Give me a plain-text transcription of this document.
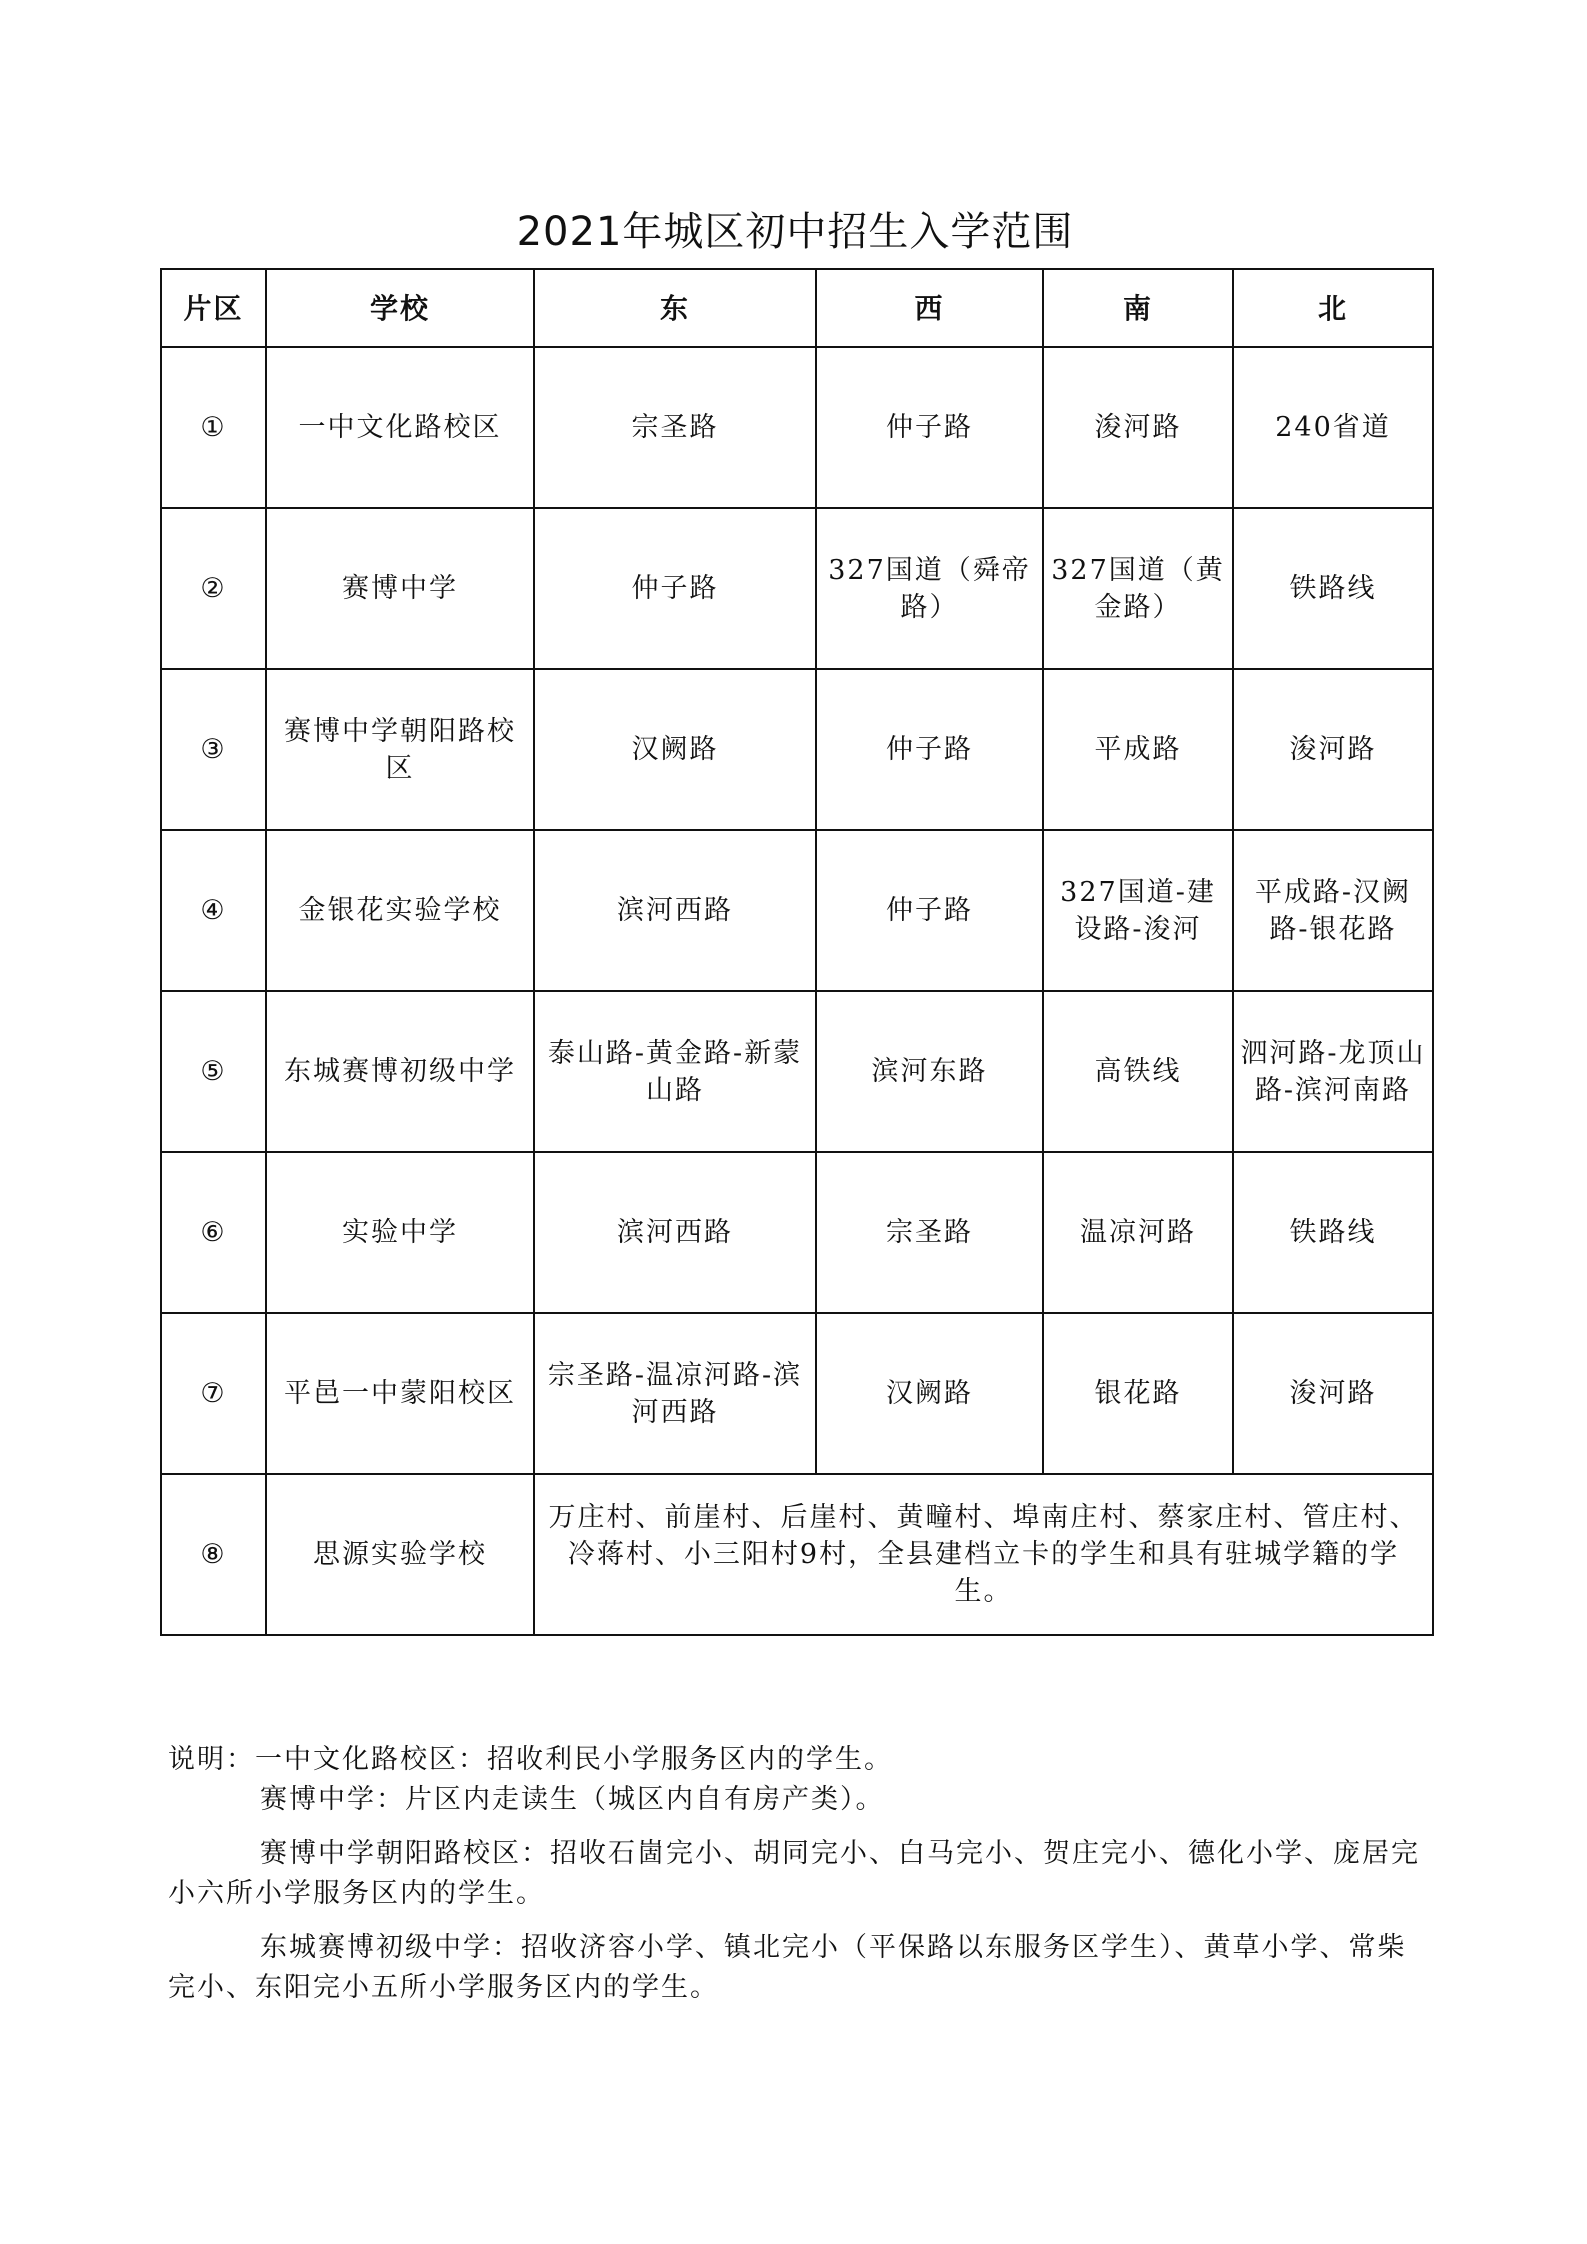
2021年城区初中招生入学范围
片区	学校	东	西	南	北
①	一中文化路校区	宗圣路	仲子路	浚河路	240省道
②	赛博中学	仲子路	327国道（舜帝路）	327国道（黄金路）	铁路线
③	赛博中学朝阳路校区	汉阙路	仲子路	平成路	浚河路
④	金银花实验学校	滨河西路	仲子路	327国道-建设路-浚河	平成路-汉阙路-银花路
⑤	东城赛博初级中学	泰山路-黄金路-新蒙山路	滨河东路	高铁线	泗河路-龙顶山路-滨河南路
⑥	实验中学	滨河西路	宗圣路	温凉河路	铁路线
⑦	平邑一中蒙阳校区	宗圣路-温凉河路-滨河西路	汉阙路	银花路	浚河路
⑧	思源实验学校	万庄村、前崖村、后崖村、黄疃村、埠南庄村、蔡家庄村、管庄村、冷蒋村、小三阳村9村，全县建档立卡的学生和具有驻城学籍的学生。			

说明：一中文化路校区：招收利民小学服务区内的学生。

赛博中学：片区内走读生（城区内自有房产类）。

赛博中学朝阳路校区：招收石崮完小、胡同完小、白马完小、贺庄完小、德化小学、庞居完小六所小学服务区内的学生。

东城赛博初级中学：招收济容小学、镇北完小（平保路以东服务区学生）、黄草小学、常柴完小、东阳完小五所小学服务区内的学生。
